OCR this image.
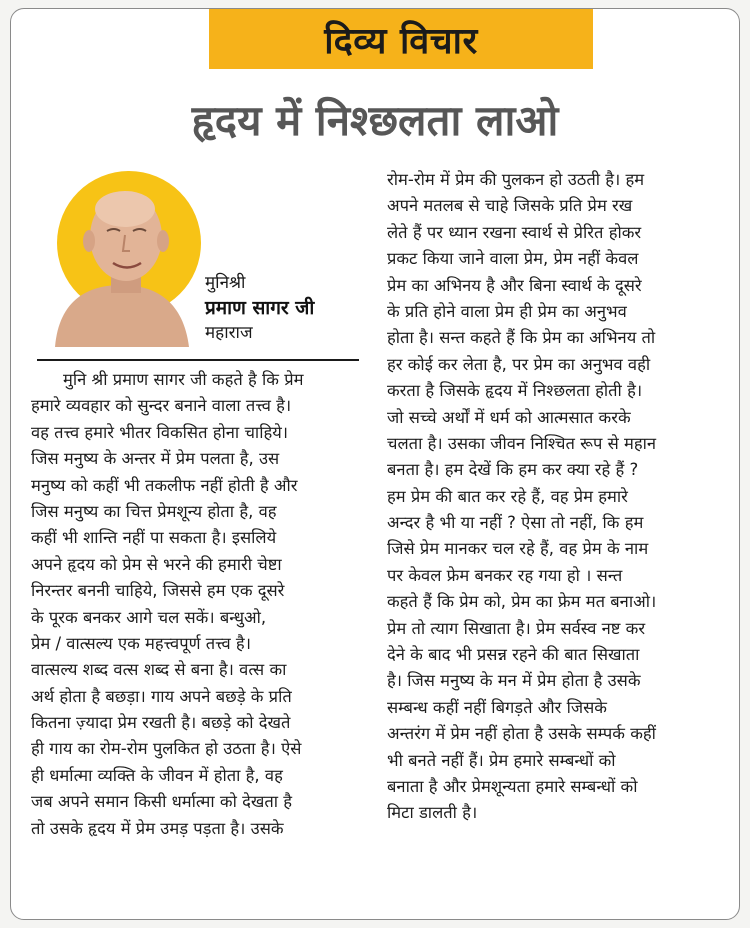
दिव्य विचार
हृदय में निश्छलता लाओ
मुनिश्री
प्रमाण सागर जी
महाराज
मुनि श्री प्रमाण सागर जी कहते है कि प्रेम
हमारे व्यवहार को सुन्दर बनाने वाला तत्त्व है।
वह तत्त्व हमारे भीतर विकसित होना चाहिये।
जिस मनुष्य के अन्तर में प्रेम पलता है, उस
मनुष्य को कहीं भी तकलीफ नहीं होती है और
जिस मनुष्य का चित्त प्रेमशून्य होता है, वह
कहीं भी शान्ति नहीं पा सकता है। इसलिये
अपने हृदय को प्रेम से भरने की हमारी चेष्टा
निरन्तर बननी चाहिये, जिससे हम एक दूसरे
के पूरक बनकर आगे चल सकें। बन्धुओ,
प्रेम / वात्सल्य एक महत्त्वपूर्ण तत्त्व है।
वात्सल्य शब्द वत्स शब्द से बना है। वत्स का
अर्थ होता है बछड़ा। गाय अपने बछड़े के प्रति
कितना ज़्यादा प्रेम रखती है। बछड़े को देखते
ही गाय का रोम-रोम पुलकित हो उठता है। ऐसे
ही धर्मात्मा व्यक्ति के जीवन में होता है, वह
जब अपने समान किसी धर्मात्मा को देखता है
तो उसके हृदय में प्रेम उमड़ पड़ता है। उसके
रोम-रोम में प्रेम की पुलकन हो उठती है। हम
अपने मतलब से चाहे जिसके प्रति प्रेम रख
लेते हैं पर ध्यान रखना स्वार्थ से प्रेरित होकर
प्रकट किया जाने वाला प्रेम, प्रेम नहीं केवल
प्रेम का अभिनय है और बिना स्वार्थ के दूसरे
के प्रति होने वाला प्रेम ही प्रेम का अनुभव
होता है। सन्त कहते हैं कि प्रेम का अभिनय तो
हर कोई कर लेता है, पर प्रेम का अनुभव वही
करता है जिसके हृदय में निश्छलता होती है।
जो सच्चे अर्थों में धर्म को आत्मसात करके
चलता है। उसका जीवन निश्चित रूप से महान
बनता है। हम देखें कि हम कर क्या रहे हैं ?
हम प्रेम की बात कर रहे हैं, वह प्रेम हमारे
अन्दर है भी या नहीं ? ऐसा तो नहीं, कि हम
जिसे प्रेम मानकर चल रहे हैं, वह प्रेम के नाम
पर केवल फ्रेम बनकर रह गया हो । सन्त
कहते हैं कि प्रेम को, प्रेम का फ्रेम मत बनाओ।
प्रेम तो त्याग सिखाता है। प्रेम सर्वस्व नष्ट कर
देने के बाद भी प्रसन्न रहने की बात सिखाता
है। जिस मनुष्य के मन में प्रेम होता है उसके
सम्बन्ध कहीं नहीं बिगड़ते और जिसके
अन्तरंग में प्रेम नहीं होता है उसके सम्पर्क कहीं
भी बनते नहीं हैं। प्रेम हमारे सम्बन्धों को
बनाता है और प्रेमशून्यता हमारे सम्बन्धों को
मिटा डालती है।
